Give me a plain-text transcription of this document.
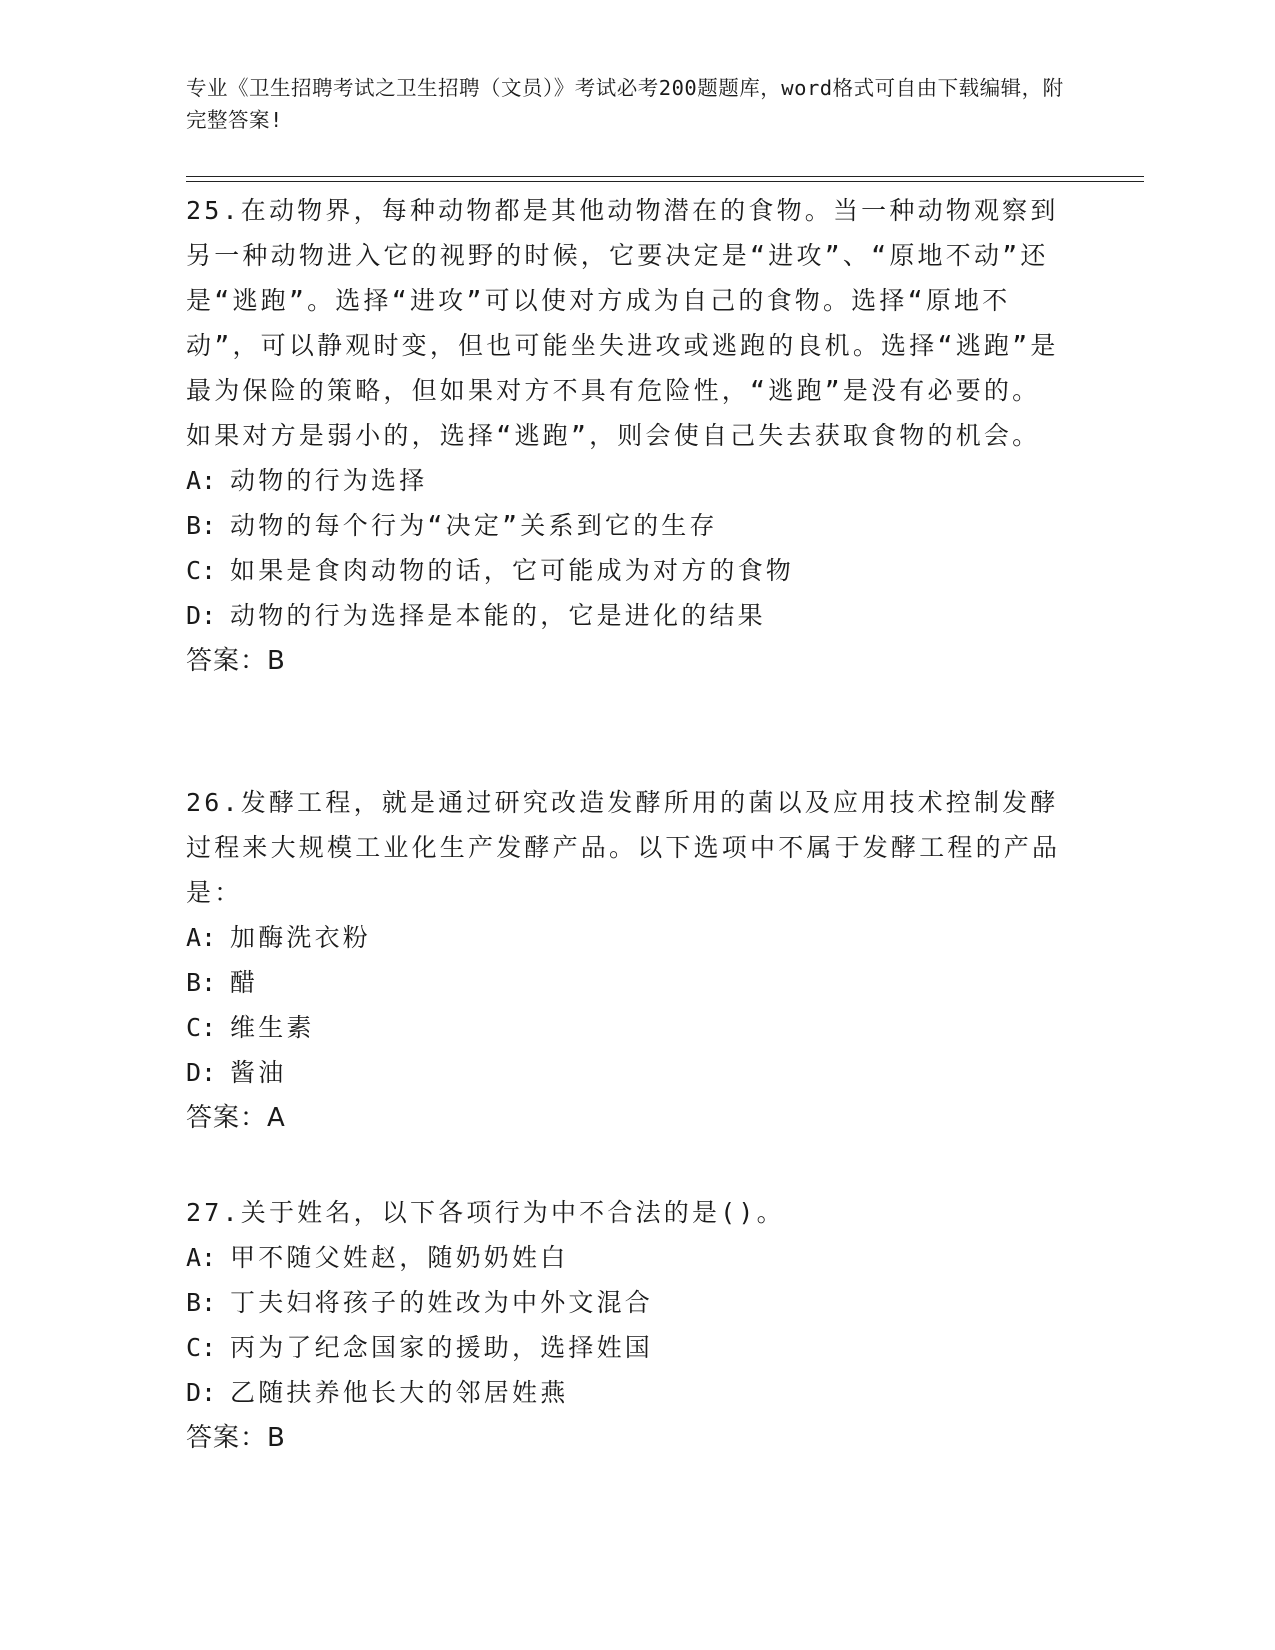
专业《卫生招聘考试之卫生招聘（文员）》考试必考200题题库，word格式可自由下载编辑，附完整答案!

25.在动物界，每种动物都是其他动物潜在的食物。当一种动物观察到另一种动物进入它的视野的时候，它要决定是“进攻”、“原地不动”还是“逃跑”。选择“进攻”可以使对方成为自己的食物。选择“原地不动”，可以静观时变，但也可能坐失进攻或逃跑的良机。选择“逃跑”是最为保险的策略，但如果对方不具有危险性，“逃跑”是没有必要的。如果对方是弱小的，选择“逃跑”，则会使自己失去获取食物的机会。

A: 动物的行为选择

B: 动物的每个行为“决定”关系到它的生存

C: 如果是食肉动物的话，它可能成为对方的食物

D: 动物的行为选择是本能的，它是进化的结果

答案：B

26.发酵工程，就是通过研究改造发酵所用的菌以及应用技术控制发酵过程来大规模工业化生产发酵产品。以下选项中不属于发酵工程的产品是：

A: 加酶洗衣粉

B: 醋

C: 维生素

D: 酱油

答案：A

27.关于姓名，以下各项行为中不合法的是()。

A: 甲不随父姓赵，随奶奶姓白

B: 丁夫妇将孩子的姓改为中外文混合

C: 丙为了纪念国家的援助，选择姓国

D: 乙随扶养他长大的邻居姓燕

答案：B
